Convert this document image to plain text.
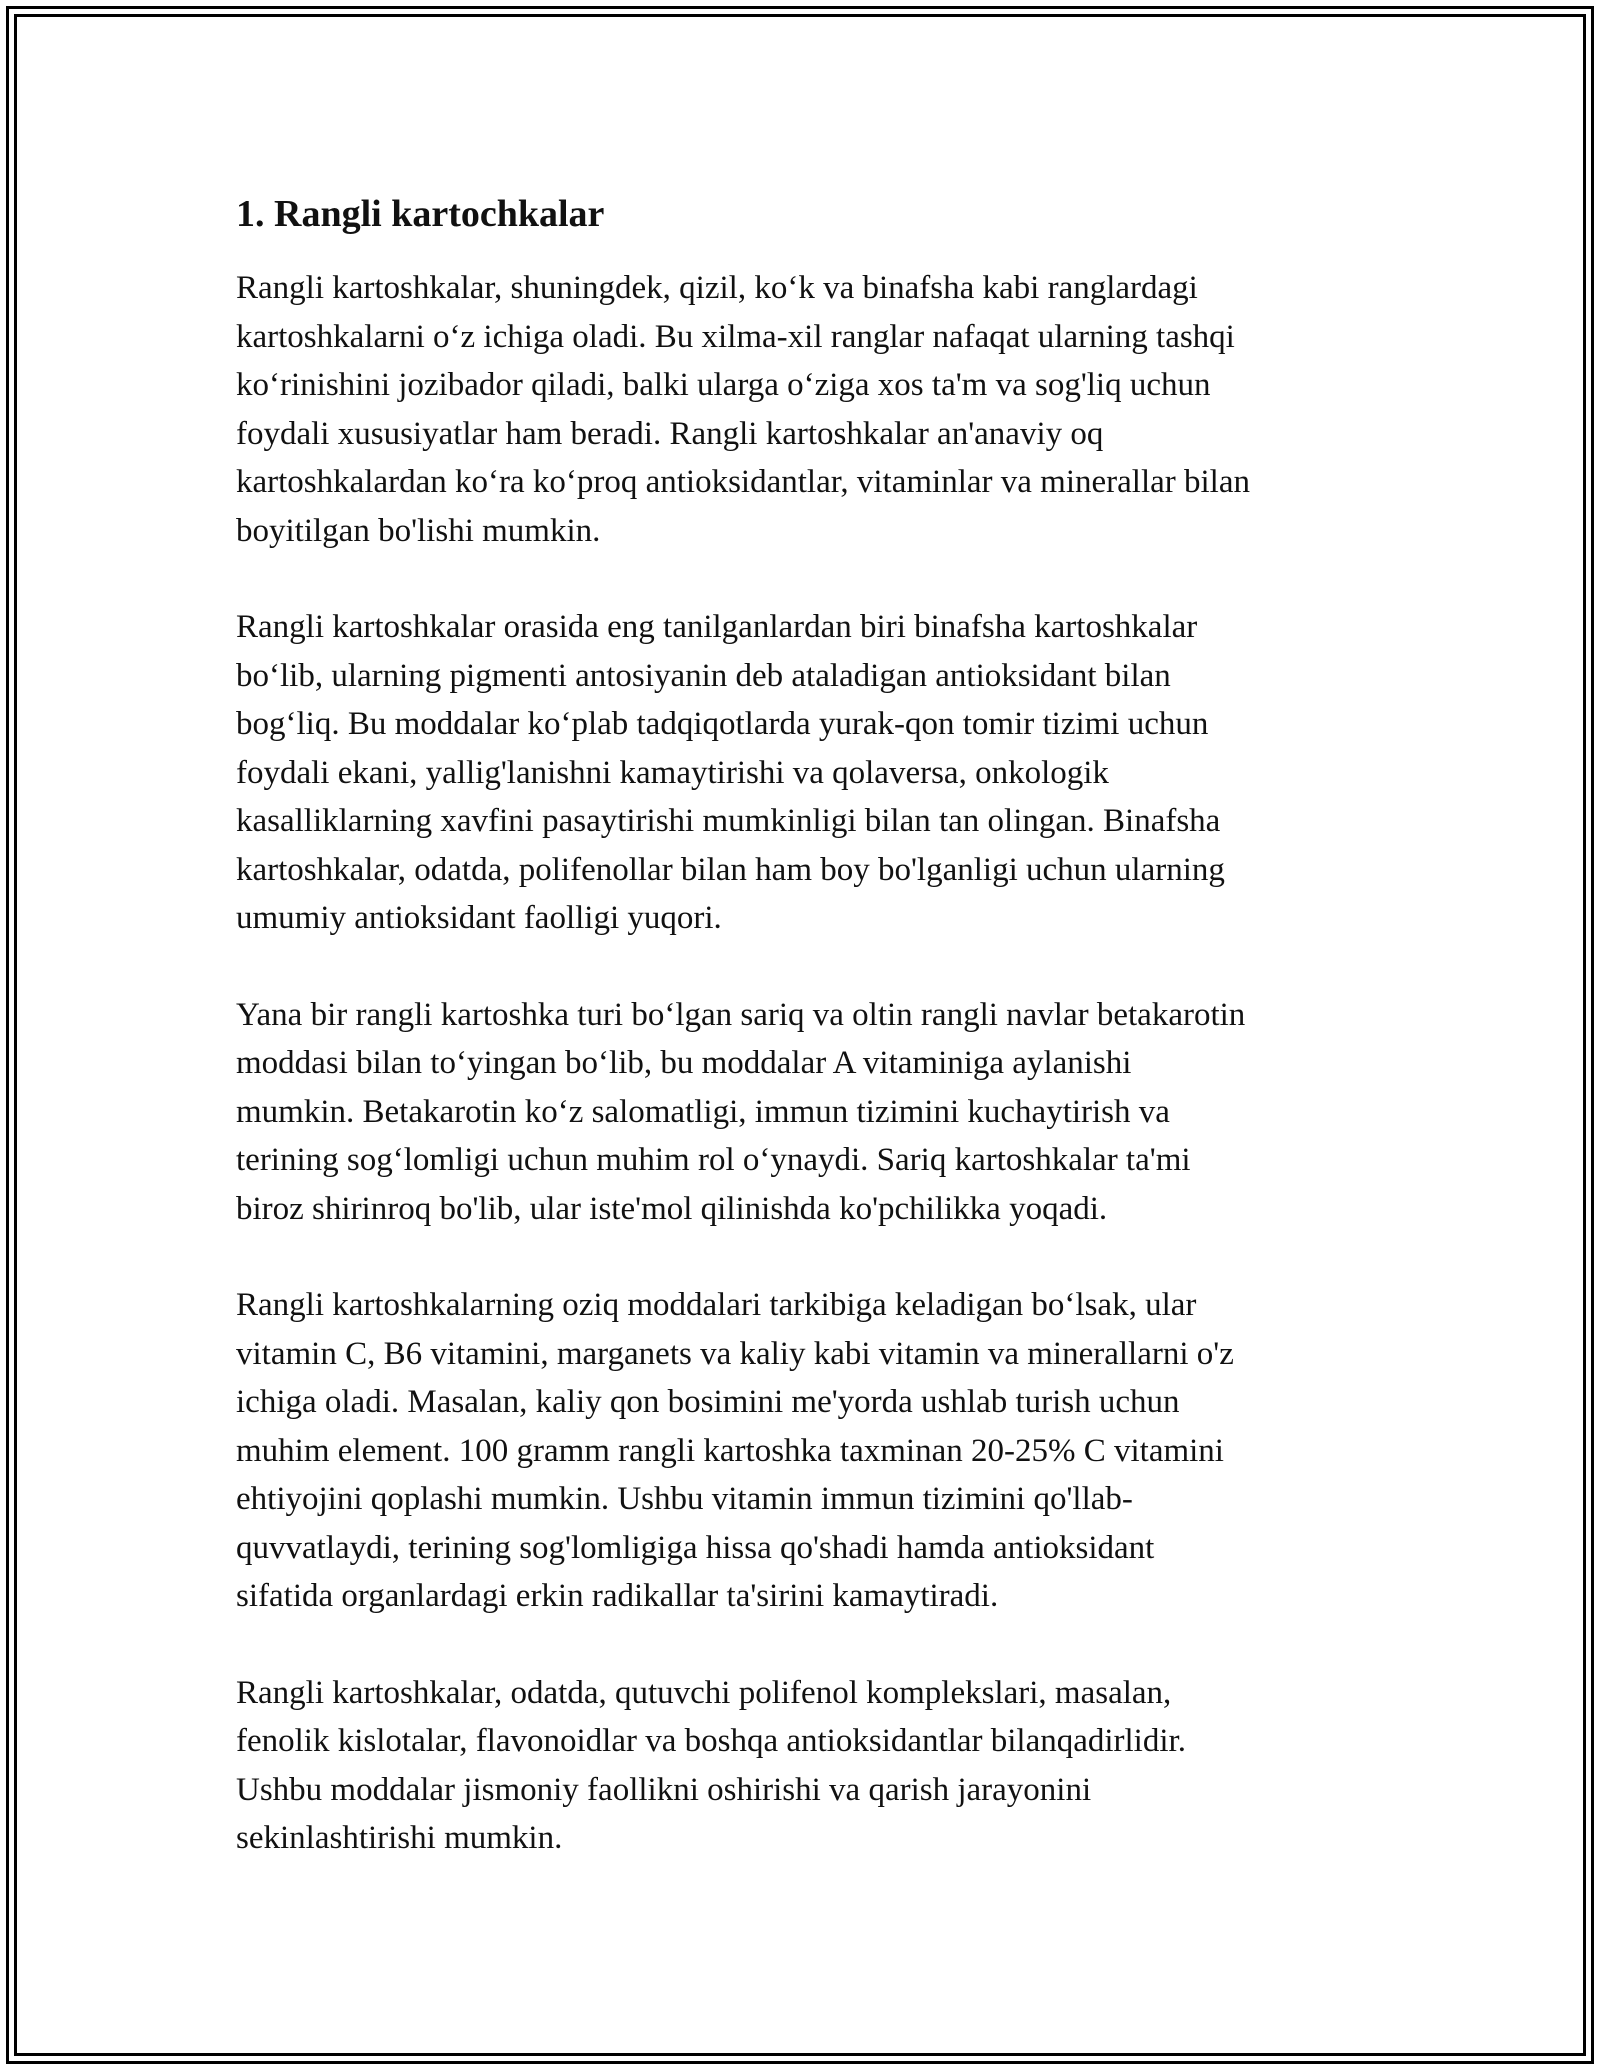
1. Rangli kartochkalar

Rangli kartoshkalar, shuningdek, qizil, ko‘k va binafsha kabi ranglardagi
kartoshkalarni o‘z ichiga oladi. Bu xilma-xil ranglar nafaqat ularning tashqi
ko‘rinishini jozibador qiladi, balki ularga o‘ziga xos ta'm va sog'liq uchun
foydali xususiyatlar ham beradi. Rangli kartoshkalar an'anaviy oq
kartoshkalardan ko‘ra ko‘proq antioksidantlar, vitaminlar va minerallar bilan
boyitilgan bo'lishi mumkin.

Rangli kartoshkalar orasida eng tanilganlardan biri binafsha kartoshkalar
bo‘lib, ularning pigmenti antosiyanin deb ataladigan antioksidant bilan
bog‘liq. Bu moddalar ko‘plab tadqiqotlarda yurak-qon tomir tizimi uchun
foydali ekani, yallig'lanishni kamaytirishi va qolaversa, onkologik
kasalliklarning xavfini pasaytirishi mumkinligi bilan tan olingan. Binafsha
kartoshkalar, odatda, polifenollar bilan ham boy bo'lganligi uchun ularning
umumiy antioksidant faolligi yuqori.

Yana bir rangli kartoshka turi bo‘lgan sariq va oltin rangli navlar betakarotin
moddasi bilan to‘yingan bo‘lib, bu moddalar A vitaminiga aylanishi
mumkin. Betakarotin ko‘z salomatligi, immun tizimini kuchaytirish va
terining sog‘lomligi uchun muhim rol o‘ynaydi. Sariq kartoshkalar ta'mi
biroz shirinroq bo'lib, ular iste'mol qilinishda ko'pchilikka yoqadi.

Rangli kartoshkalarning oziq moddalari tarkibiga keladigan bo‘lsak, ular
vitamin C, B6 vitamini, marganets va kaliy kabi vitamin va minerallarni o'z
ichiga oladi. Masalan, kaliy qon bosimini me'yorda ushlab turish uchun
muhim element. 100 gramm rangli kartoshka taxminan 20-25% C vitamini
ehtiyojini qoplashi mumkin. Ushbu vitamin immun tizimini qo'llab-
quvvatlaydi, terining sog'lomligiga hissa qo'shadi hamda antioksidant
sifatida organlardagi erkin radikallar ta'sirini kamaytiradi.

Rangli kartoshkalar, odatda, qutuvchi polifenol komplekslari, masalan,
fenolik kislotalar, flavonoidlar va boshqa antioksidantlar bilanqadirlidir.
Ushbu moddalar jismoniy faollikni oshirishi va qarish jarayonini
sekinlashtirishi mumkin.
